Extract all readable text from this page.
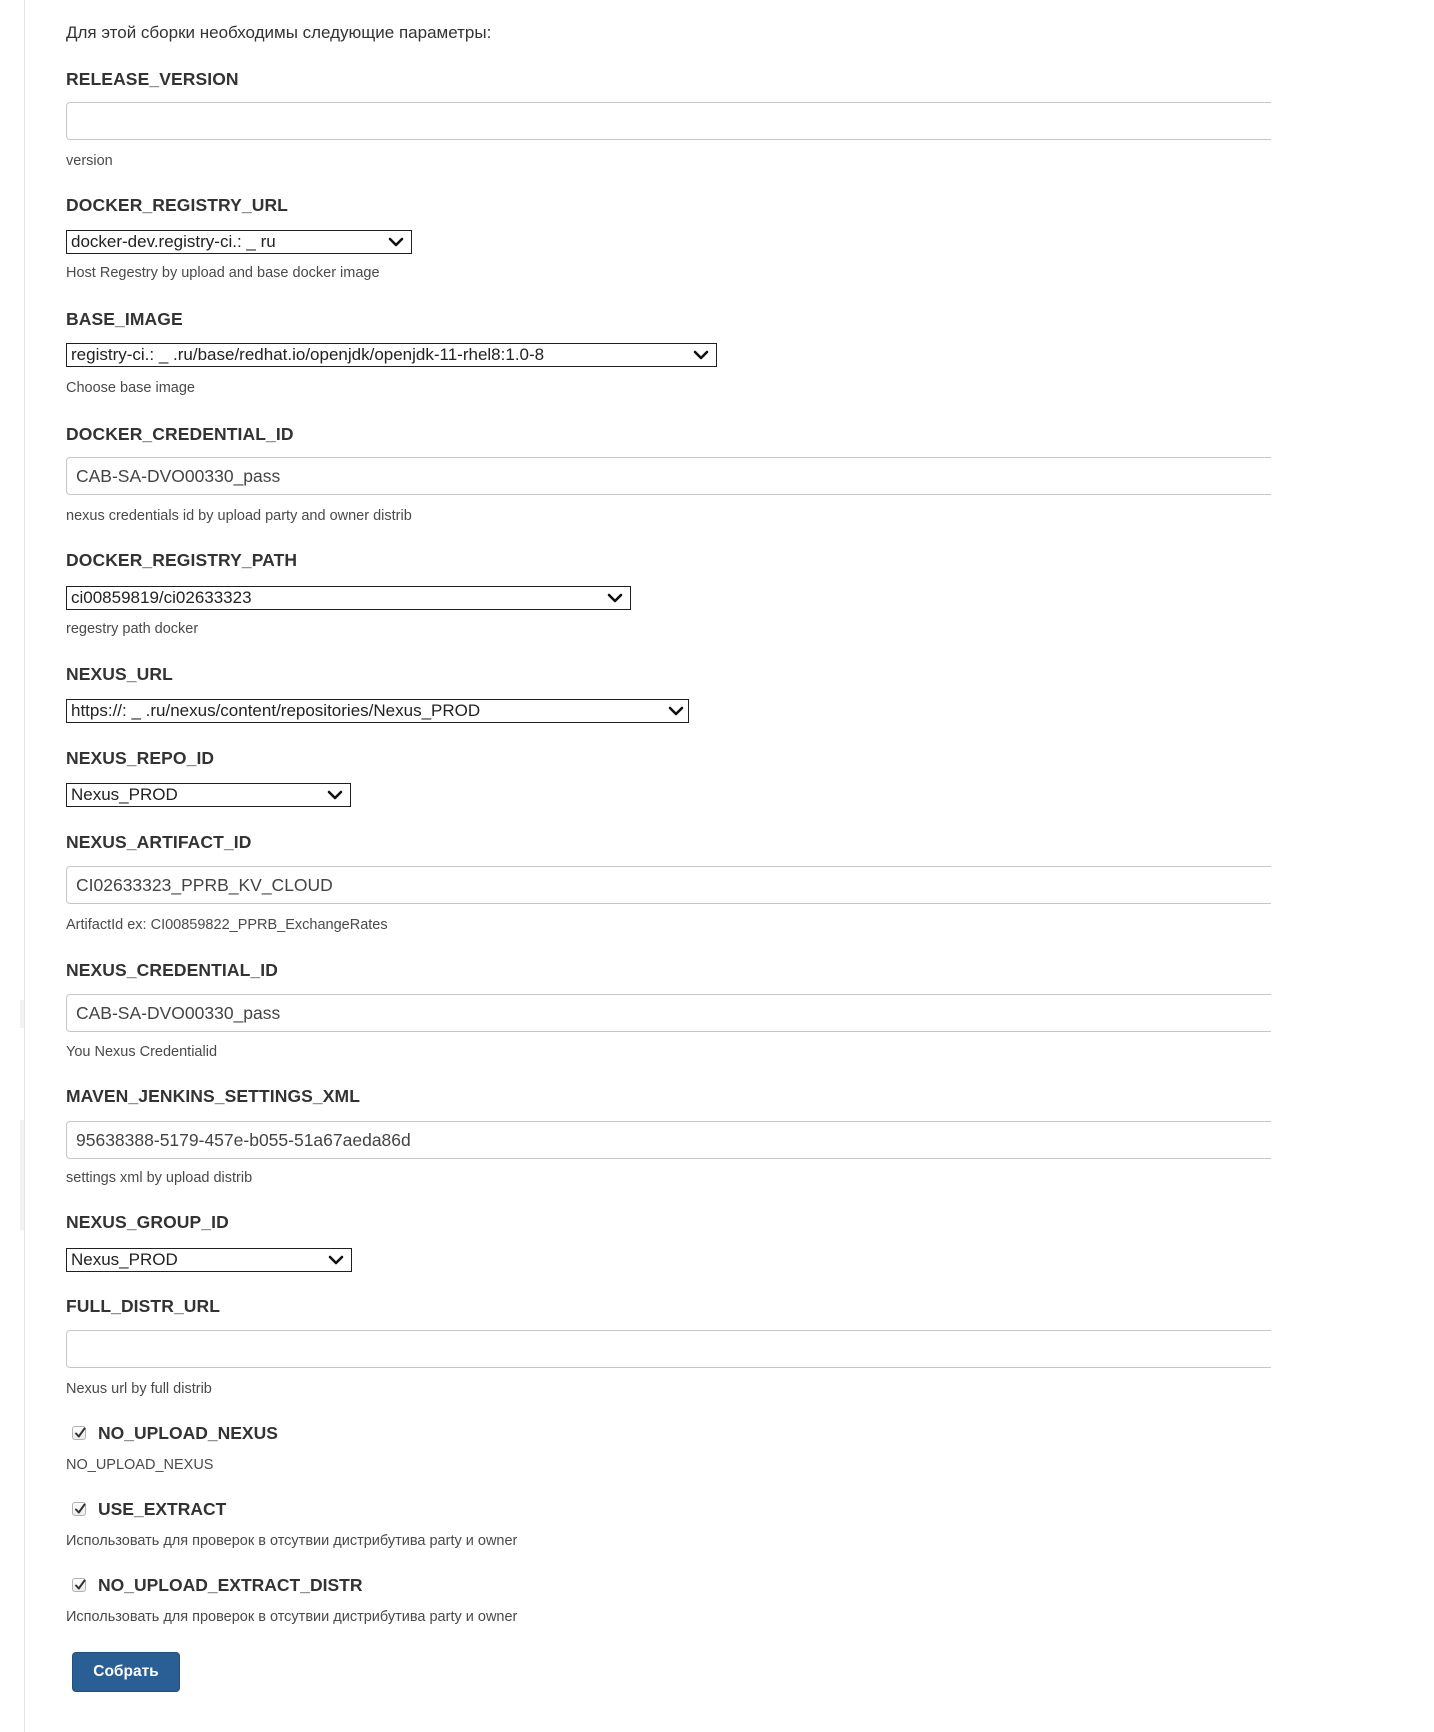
Для этой сборки необходимы следующие параметры:
RELEASE_VERSION
version
DOCKER_REGISTRY_URL
docker-dev.registry-ci.: _ ru
Host Regestry by upload and base docker image
BASE_IMAGE
registry-ci.: _ .ru/base/redhat.io/openjdk/openjdk-11-rhel8:1.0-8
Choose base image
DOCKER_CREDENTIAL_ID
CAB-SA-DVO00330_pass
nexus credentials id by upload party and owner distrib
DOCKER_REGISTRY_PATH
ci00859819/ci02633323
regestry path docker
NEXUS_URL
https://: _ .ru/nexus/content/repositories/Nexus_PROD
NEXUS_REPO_ID
Nexus_PROD
NEXUS_ARTIFACT_ID
CI02633323_PPRB_KV_CLOUD
ArtifactId ex: CI00859822_PPRB_ExchangeRates
NEXUS_CREDENTIAL_ID
CAB-SA-DVO00330_pass
You Nexus Credentialid
MAVEN_JENKINS_SETTINGS_XML
95638388-5179-457e-b055-51a67aeda86d
settings xml by upload distrib
NEXUS_GROUP_ID
Nexus_PROD
FULL_DISTR_URL
Nexus url by full distrib
NO_UPLOAD_NEXUS
NO_UPLOAD_NEXUS
USE_EXTRACT
Использовать для проверок в отсутвии дистрибутива party и owner
NO_UPLOAD_EXTRACT_DISTR
Использовать для проверок в отсутвии дистрибутива party и owner
Собрать
